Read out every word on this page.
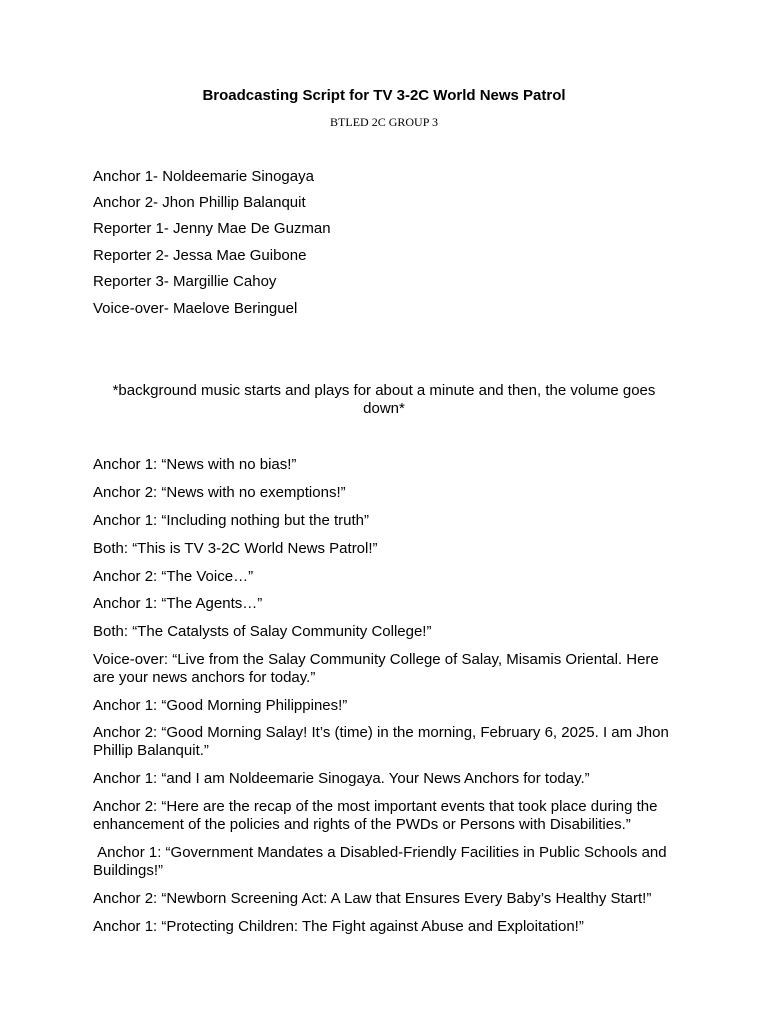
Broadcasting Script for TV 3-2C World News Patrol
BTLED 2C GROUP 3
Anchor 1- Noldeemarie Sinogaya
Anchor 2- Jhon Phillip Balanquit
Reporter 1- Jenny Mae De Guzman
Reporter 2- Jessa Mae Guibone
Reporter 3- Margillie Cahoy
Voice-over- Maelove Beringuel
*background music starts and plays for about a minute and then, the volume goes down*
Anchor 1: “News with no bias!”
Anchor 2: “News with no exemptions!”
Anchor 1: “Including nothing but the truth”
Both: “This is TV 3-2C World News Patrol!”
Anchor 2: “The Voice…”
Anchor 1: “The Agents…”
Both: “The Catalysts of Salay Community College!”
Voice-over: “Live from the Salay Community College of Salay, Misamis Oriental. Here are your news anchors for today.”
Anchor 1: “Good Morning Philippines!”
Anchor 2: “Good Morning Salay! It’s (time) in the morning, February 6, 2025. I am Jhon Phillip Balanquit.”
Anchor 1: “and I am Noldeemarie Sinogaya. Your News Anchors for today.”
Anchor 2: “Here are the recap of the most important events that took place during the enhancement of the policies and rights of the PWDs or Persons with Disabilities.”
Anchor 1: “Government Mandates a Disabled-Friendly Facilities in Public Schools and Buildings!”
Anchor 2: “Newborn Screening Act: A Law that Ensures Every Baby’s Healthy Start!”
Anchor 1: “Protecting Children: The Fight against Abuse and Exploitation!”
